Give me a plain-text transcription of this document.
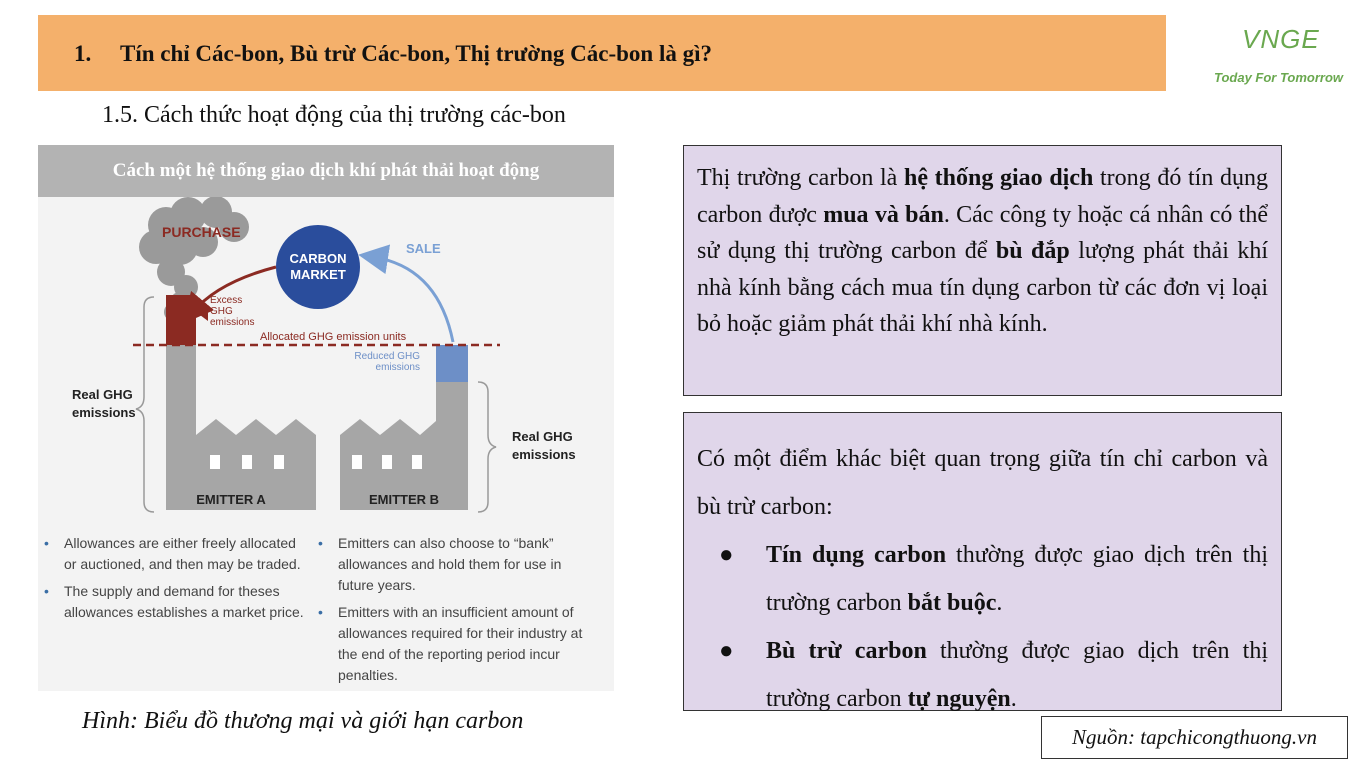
1. Tín chỉ Các-bon, Bù trừ Các-bon, Thị trường Các-bon là gì?	VNGE
Today For Tomorrow
1.5. Cách thức hoạt động của thị trường các-bon
Cách một hệ thống giao dịch khí phát thải hoạt động
PURCHASE
CARBON
MARKET
SALE
Excess
GHG
emissions
EMITTER A	EMITTER B
Reduced GHG
emissions
Allocated GHG emission units
Real GHG
emissions
Real GHG
emissions
• Allowances are either freely allocated or auctioned, and then may be traded.
• The supply and demand for theses allowances establishes a market price.
• Emitters can also choose to “bank” allowances and hold them for use in future years.
• Emitters with an insufficient amount of allowances required for their industry at the end of the reporting period incur penalties.
Hình: Biểu đồ thương mại và giới hạn carbon
Thị trường carbon là hệ thống giao dịch trong đó tín dụng carbon được mua và bán. Các công ty hoặc cá nhân có thể sử dụng thị trường carbon để bù đắp lượng phát thải khí nhà kính bằng cách mua tín dụng carbon từ các đơn vị loại bỏ hoặc giảm phát thải khí nhà kính.
Có một điểm khác biệt quan trọng giữa tín chỉ carbon và bù trừ carbon:
● Tín dụng carbon thường được giao dịch trên thị trường carbon bắt buộc.
● Bù trừ carbon thường được giao dịch trên thị trường carbon tự nguyện.
Nguồn: tapchicongthuong.vn
